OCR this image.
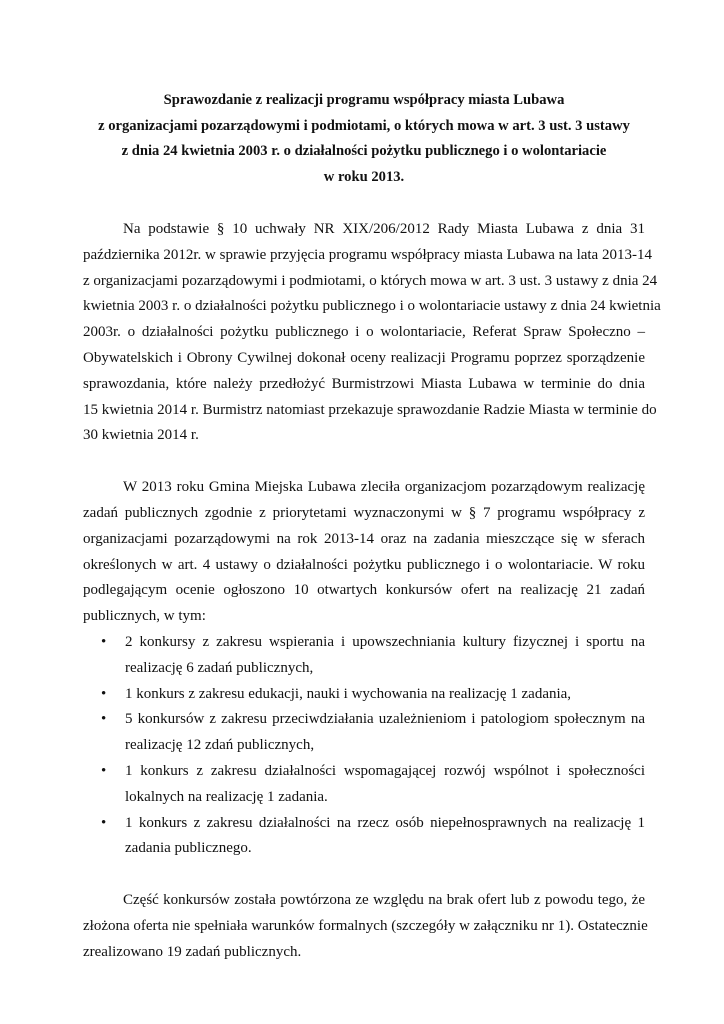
Sprawozdanie z realizacji programu współpracy miasta Lubawa
z organizacjami pozarządowymi i podmiotami, o których mowa w art. 3 ust. 3 ustawy
z dnia 24 kwietnia 2003 r. o działalności pożytku publicznego i o wolontariacie
w roku 2013.
Na podstawie § 10 uchwały NR XIX/206/2012 Rady Miasta Lubawa z dnia 31
października 2012r. w sprawie przyjęcia programu współpracy miasta Lubawa na lata 2013-14
z organizacjami pozarządowymi i podmiotami, o których mowa w art. 3 ust. 3 ustawy z dnia 24
kwietnia 2003 r. o działalności pożytku publicznego i o wolontariacie ustawy z dnia 24 kwietnia
2003r. o działalności pożytku publicznego i o wolontariacie, Referat Spraw Społeczno –
Obywatelskich i Obrony Cywilnej dokonał oceny realizacji Programu poprzez sporządzenie
sprawozdania, które należy przedłożyć Burmistrzowi Miasta Lubawa w terminie do dnia
15 kwietnia 2014 r. Burmistrz natomiast przekazuje sprawozdanie Radzie Miasta w terminie do
30 kwietnia 2014 r.
W 2013 roku Gmina Miejska Lubawa zleciła organizacjom pozarządowym realizację
zadań publicznych zgodnie z priorytetami wyznaczonymi w § 7 programu współpracy z
organizacjami pozarządowymi na rok 2013-14 oraz na zadania mieszczące się w sferach
określonych w art. 4 ustawy o działalności pożytku publicznego i o wolontariacie. W roku
podlegającym ocenie ogłoszono 10 otwartych konkursów ofert na realizację 21 zadań
publicznych, w tym:
• 2 konkursy z zakresu wspierania i upowszechniania kultury fizycznej i sportu na
realizację 6 zadań publicznych,
• 1 konkurs z zakresu edukacji, nauki i wychowania na realizację 1 zadania,
• 5 konkursów z zakresu przeciwdziałania uzależnieniom i patologiom społecznym na
realizację 12 zdań publicznych,
• 1 konkurs z zakresu działalności wspomagającej rozwój wspólnot i społeczności
lokalnych na realizację 1 zadania.
• 1 konkurs z zakresu działalności na rzecz osób niepełnosprawnych na realizację 1
zadania publicznego.
Część konkursów została powtórzona ze względu na brak ofert lub z powodu tego, że
złożona oferta nie spełniała warunków formalnych (szczegóły w załączniku nr 1). Ostatecznie
zrealizowano 19 zadań publicznych.
